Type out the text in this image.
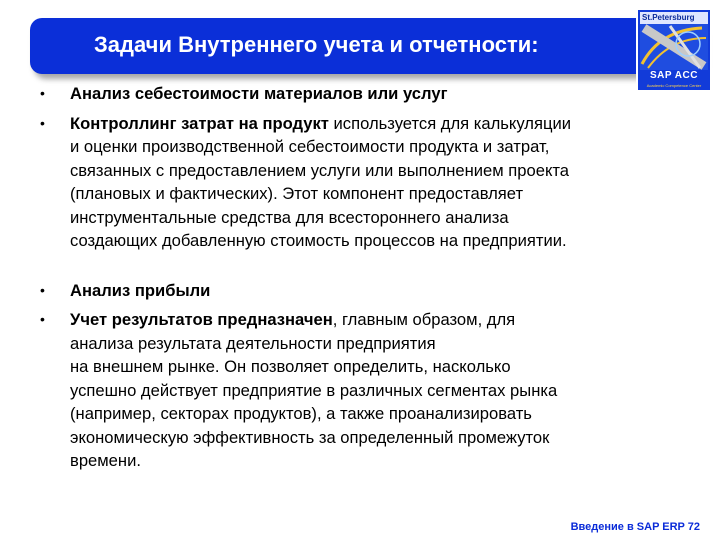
Задачи Внутреннего учета и отчетности:
St.Petersburg
SAP ACC
Academic Competence Center
•	Анализ себестоимости материалов или услуг
•	Контроллинг затрат на продукт используется для калькуляции
и оценки производственной себестоимости продукта и затрат,
связанных с предоставлением услуги или выполнением проекта
(плановых и фактических). Этот компонент предоставляет
инструментальные средства для всестороннего анализа
создающих добавленную стоимость процессов на предприятии.
•	Анализ прибыли
•	Учет результатов предназначен, главным образом, для
анализа результата деятельности предприятия
на внешнем рынке. Он позволяет определить, насколько
успешно действует предприятие в различных сегментах рынка
(например, секторах продуктов), а также проанализировать
экономическую эффективность за определенный промежуток
времени.
Введение в SAP ERP 72
